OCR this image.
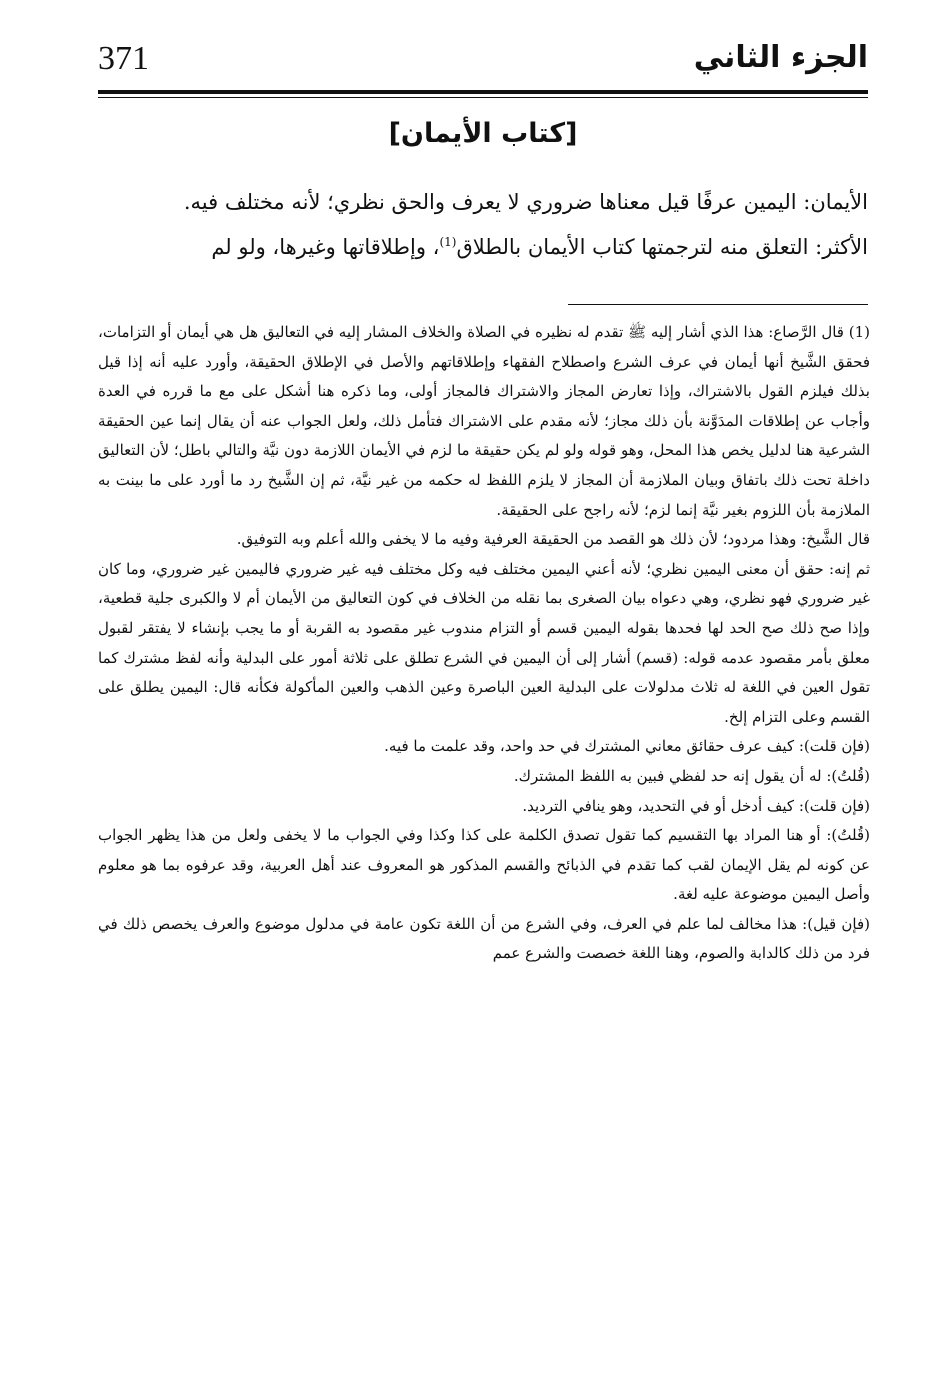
371	الجزء الثاني
[كتاب الأيمان]

الأيمان: اليمين عرفًا قيل معناها ضروري لا يعرف والحق نظري؛ لأنه مختلف فيه.

الأكثر: التعلق منه لترجمتها كتاب الأيمان بالطلاق$^{(1)}$، وإطلاقاتها وغيرها، ولو لم

(1) قال الرَّصاع: هذا الذي أشار إليه ﷺ تقدم له نظيره في الصلاة والخلاف المشار إليه في التعاليق هل هي أيمان أو التزامات، فحقق الشَّيخ أنها أيمان في عرف الشرع واصطلاح الفقهاء وإطلاقاتهم والأصل في الإطلاق الحقيقة، وأورد عليه أنه إذا قيل بذلك فيلزم القول بالاشتراك، وإذا تعارض المجاز والاشتراك فالمجاز أولى، وما ذكره هنا أشكل على مع ما قرره في العدة وأجاب عن إطلاقات المدَوَّنة بأن ذلك مجاز؛ لأنه مقدم على الاشتراك فتأمل ذلك، ولعل الجواب عنه أن يقال إنما عين الحقيقة الشرعية هنا لدليل يخص هذا المحل، وهو قوله ولو لم يكن حقيقة ما لزم في الأيمان اللازمة دون نيَّة والتالي باطل؛ لأن التعاليق داخلة تحت ذلك باتفاق وبيان الملازمة أن المجاز لا يلزم اللفظ له حكمه من غير نيَّة، ثم إن الشَّيخ رد ما أورد على ما بينت به الملازمة بأن اللزوم بغير نيَّة إنما لزم؛ لأنه راجح على الحقيقة.

قال الشَّيخ: وهذا مردود؛ لأن ذلك هو القصد من الحقيقة العرفية وفيه ما لا يخفى والله أعلم وبه التوفيق.

ثم إنه: حقق أن معنى اليمين نظري؛ لأنه أعني اليمين مختلف فيه وكل مختلف فيه غير ضروري فاليمين غير ضروري، وما كان غير ضروري فهو نظري، وهي دعواه بيان الصغرى بما نقله من الخلاف في كون التعاليق من الأيمان أم لا والكبرى جلية قطعية، وإذا صح ذلك صح الحد لها فحدها بقوله اليمين قسم أو التزام مندوب غير مقصود به القربة أو ما يجب بإنشاء لا يفتقر لقبول معلق بأمر مقصود عدمه قوله: (قسم) أشار إلى أن اليمين في الشرع تطلق على ثلاثة أمور على البدلية وأنه لفظ مشترك كما تقول العين في اللغة له ثلاث مدلولات على البدلية العين الباصرة وعين الذهب والعين المأكولة فكأنه قال: اليمين يطلق على القسم وعلى التزام إلخ.

(فإن قلت): كيف عرف حقائق معاني المشترك في حد واحد، وقد علمت ما فيه.

(قُلتُ): له أن يقول إنه حد لفظي فبين به اللفظ المشترك.

(فإن قلت): كيف أدخل أو في التحديد، وهو ينافي الترديد.

(قُلتُ): أو هنا المراد بها التقسيم كما تقول تصدق الكلمة على كذا وكذا وفي الجواب ما لا يخفى ولعل من هذا يظهر الجواب عن كونه لم يقل الإيمان لقب كما تقدم في الذبائح والقسم المذكور هو المعروف عند أهل العربية، وقد عرفوه بما هو معلوم وأصل اليمين موضوعة عليه لغة.

(فإن قيل): هذا مخالف لما علم في العرف، وفي الشرع من أن اللغة تكون عامة في مدلول موضوع والعرف يخصص ذلك في فرد من ذلك كالدابة والصوم، وهنا اللغة خصصت والشرع عمم
